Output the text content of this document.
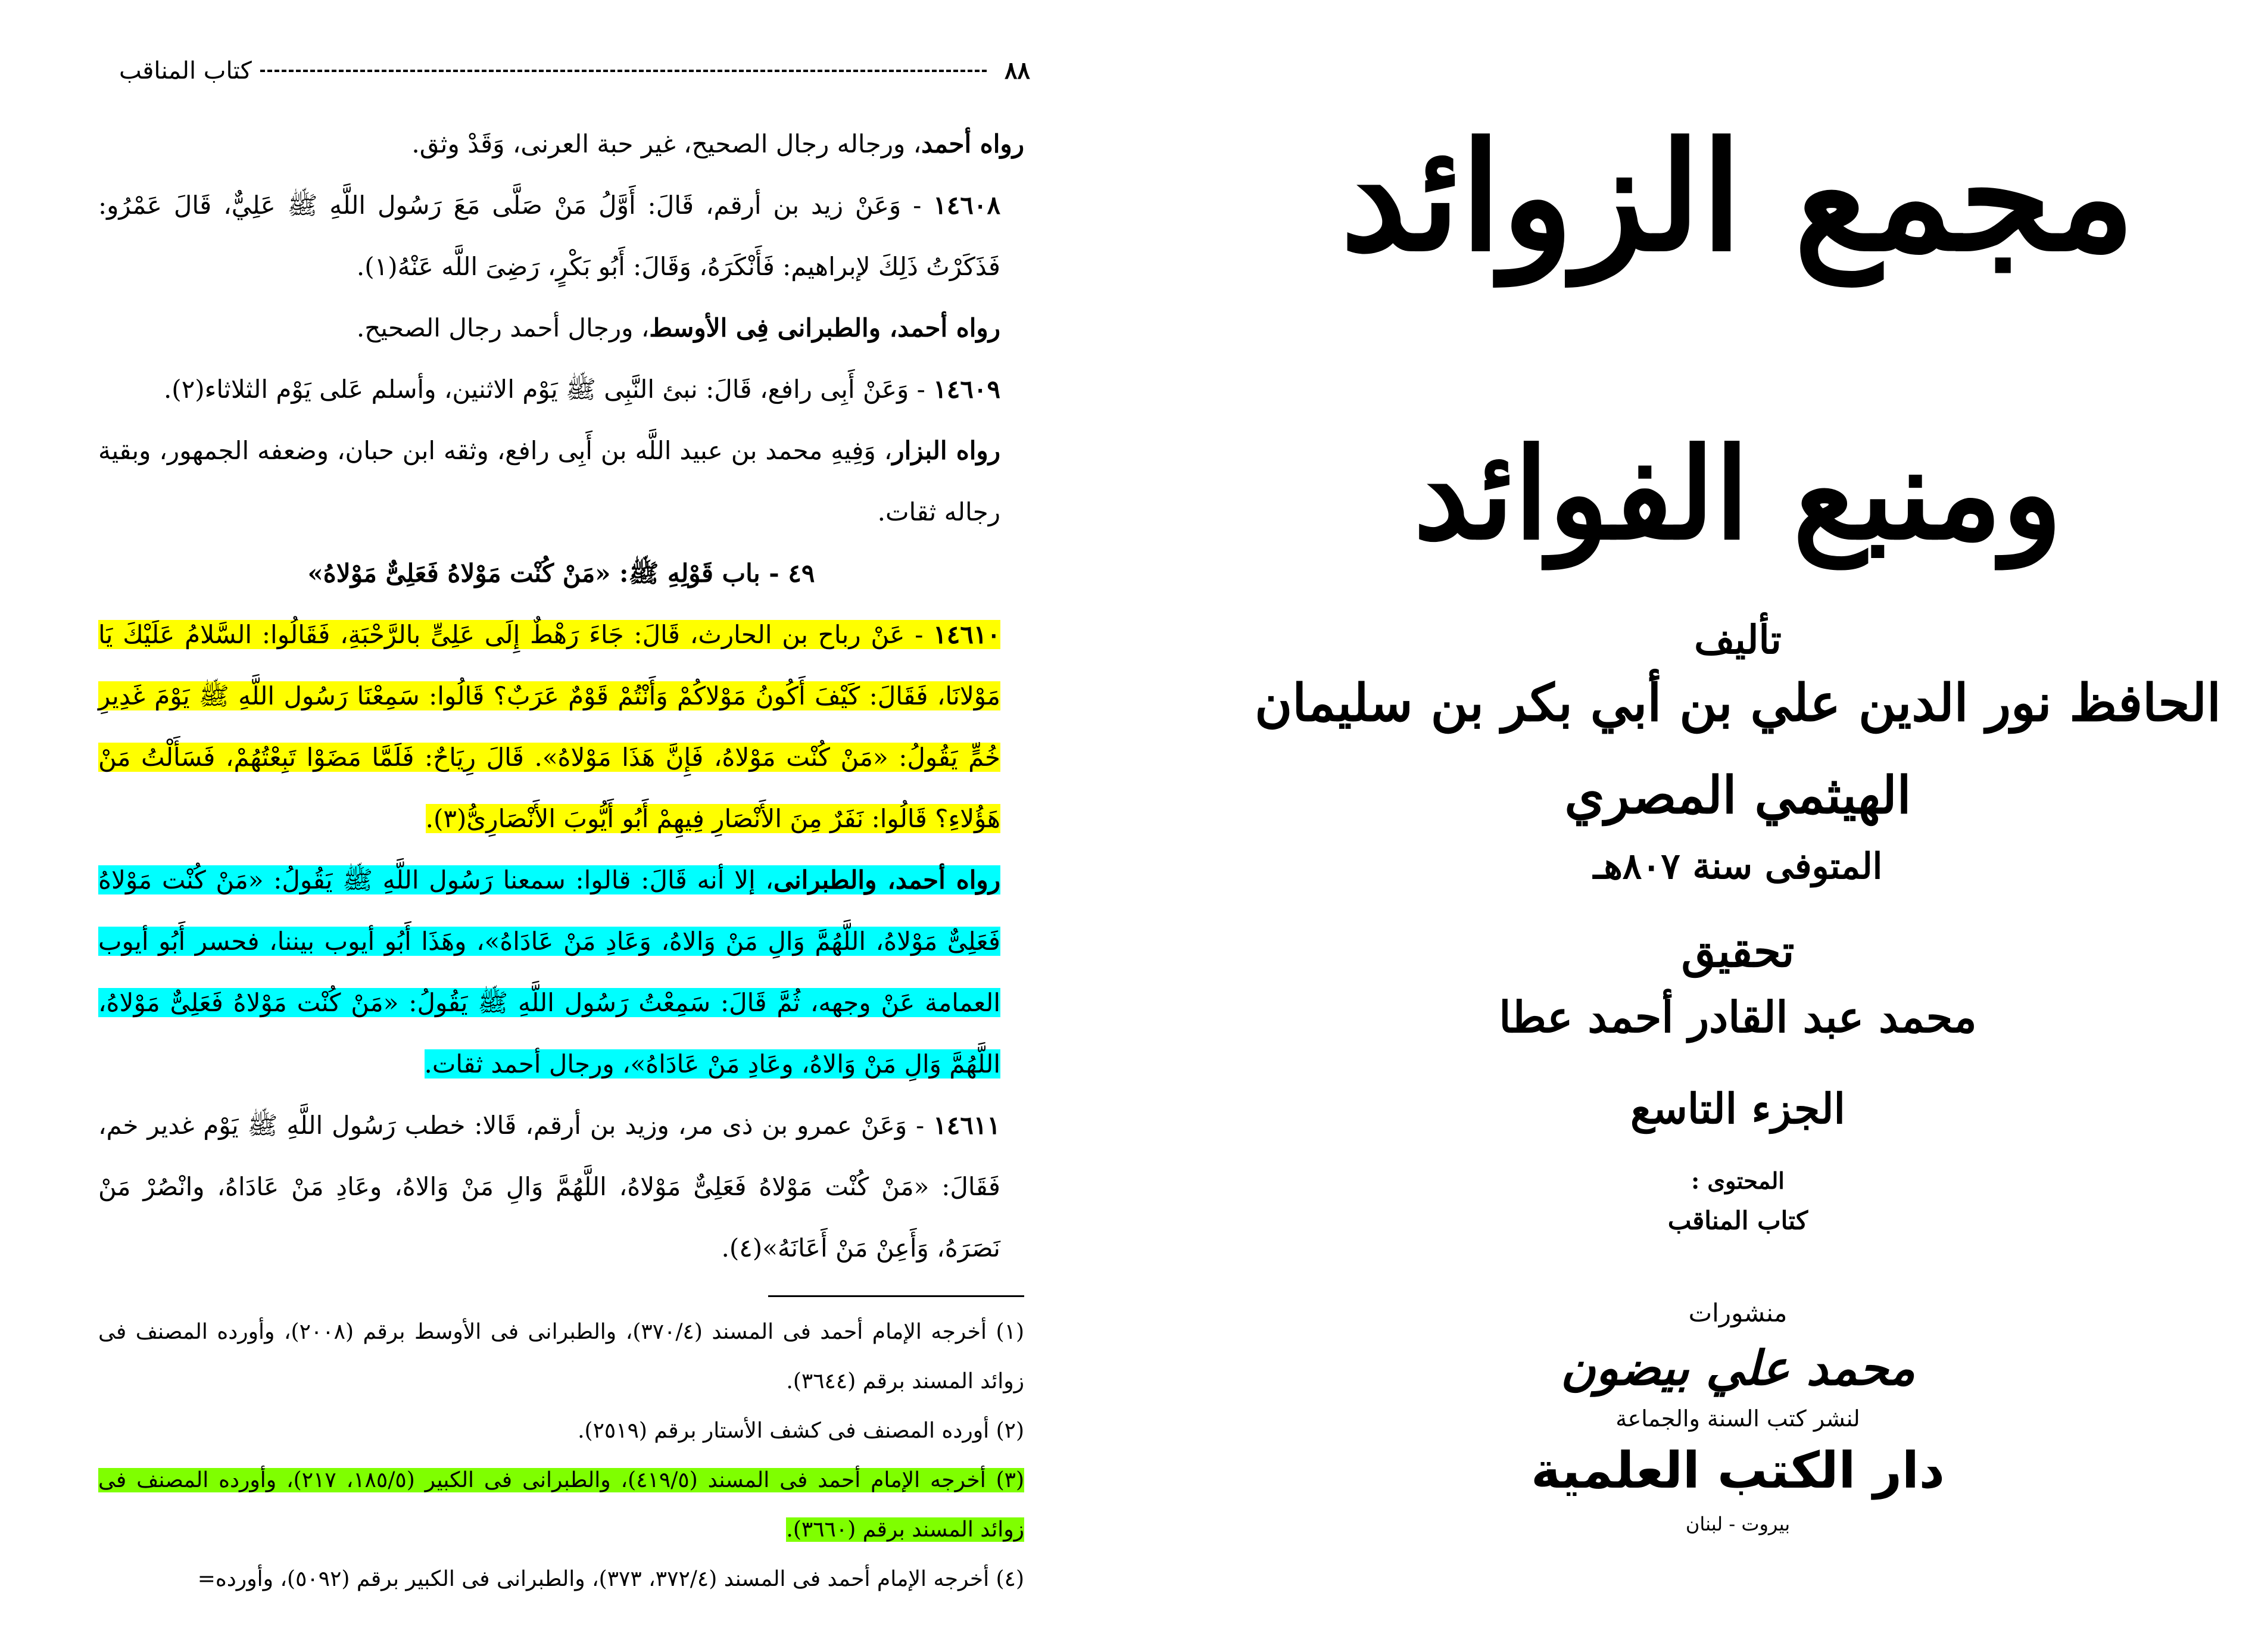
٨٨
كتاب المناقب

رواه أحمد، ورجاله رجال الصحيح، غير حبة العرنى، وَقَدْ وثق.

١٤٦٠٨ - وَعَنْ زيد بن أرقم، قَالَ: أَوَّلُ مَنْ صَلَّى مَعَ رَسُول اللَّهِ ﷺ عَلِيٌّ، قَالَ عَمْرُو: فَذَكَرْتُ ذَلِكَ لإبراهيم: فَأَنْكَرَهُ، وَقَالَ: أَبُو بَكْرٍ، رَضِىَ اللَّه عَنْهُ(١).

رواه أحمد، والطبرانى فِى الأوسط، ورجال أحمد رجال الصحيح.

١٤٦٠٩ - وَعَنْ أَبِى رافع، قَالَ: نبئ النَّبِى ﷺ يَوْم الاثنين، وأسلم عَلى يَوْم الثلاثاء(٢).

رواه البزار، وَفِيهِ محمد بن عبيد اللَّه بن أَبِى رافع، وثقه ابن حبان، وضعفه الجمهور، وبقية رجاله ثقات.

٤٩ - باب قَوْلِهِ ﷺ: «مَنْ كُنْت مَوْلاهُ فَعَلِىٌّ مَوْلاهُ»

١٤٦١٠ - عَنْ رباح بن الحارث، قَالَ: جَاءَ رَهْطٌ إِلَى عَلِىٍّ بالرَّحْبَةِ، فَقَالُوا: السَّلامُ عَلَيْكَ يَا مَوْلانَا، فَقَالَ: كَيْفَ أَكُونُ مَوْلاكُمْ وَأَنْتُمْ قَوْمٌ عَرَبٌ؟ قَالُوا: سَمِعْنَا رَسُول اللَّهِ ﷺ يَوْمَ غَدِيرِ خُمٍّ يَقُولُ: «مَنْ كُنْت مَوْلاهُ، فَإِنَّ هَذَا مَوْلاهُ». قَالَ رِيَاحٌ: فَلَمَّا مَضَوْا تَبِعْتُهُمْ، فَسَأَلْتُ مَنْ هَؤُلاءِ؟ قَالُوا: نَفَرٌ مِنَ الأَنْصَارِ فِيهِمْ أَبُو أَيُّوبَ الأَنْصَارِىُّ(٣).

رواه أحمد، والطبرانى، إلا أنه قَالَ: قالوا: سمعنا رَسُول اللَّهِ ﷺ يَقُولُ: «مَنْ كُنْت مَوْلاهُ فَعَلِىٌّ مَوْلاهُ، اللَّهُمَّ وَالِ مَنْ وَالاهُ، وَعَادِ مَنْ عَادَاهُ»، وهَذَا أَبُو أيوب بيننا، فحسر أَبُو أيوب العمامة عَنْ وجهه، ثُمَّ قَالَ: سَمِعْتُ رَسُول اللَّهِ ﷺ يَقُولُ: «مَنْ كُنْت مَوْلاهُ فَعَلِىٌّ مَوْلاهُ، اللَّهُمَّ وَالِ مَنْ وَالاهُ، وعَادِ مَنْ عَادَاهُ»، ورجال أحمد ثقات.

١٤٦١١ - وَعَنْ عمرو بن ذى مر، وزيد بن أرقم، قَالا: خطب رَسُول اللَّهِ ﷺ يَوْم غدير خم، فَقَالَ: «مَنْ كُنْت مَوْلاهُ فَعَلِىٌّ مَوْلاهُ، اللَّهُمَّ وَالِ مَنْ وَالاهُ، وعَادِ مَنْ عَادَاهُ، وانْصُرْ مَنْ نَصَرَهُ، وَأَعِنْ مَنْ أَعَانَهُ»(٤).

(١) أخرجه الإمام أحمد فى المسند (٣٧٠/٤)، والطبرانى فى الأوسط برقم (٢٠٠٨)، وأورده المصنف فى زوائد المسند برقم (٣٦٤٤).

(٢) أورده المصنف فى كشف الأستار برقم (٢٥١٩).

(٣) أخرجه الإمام أحمد فى المسند (٤١٩/٥)، والطبرانى فى الكبير (١٨٥/٥، ٢١٧)، وأورده المصنف فى زوائد المسند برقم (٣٦٦٠).

(٤) أخرجه الإمام أحمد فى المسند (٣٧٢/٤، ٣٧٣)، والطبرانى فى الكبير برقم (٥٠٩٢)، وأورده=

مجمع الزوائد
ومنبع الفوائد
تأليف
الحافظ نور الدين علي بن أبي بكر بن سليمان
الهيثمي المصري
المتوفى سنة ٨٠٧هـ
تحقيق
محمد عبد القادر أحمد عطا
الجزء التاسع
المحتوى :
كتاب المناقب
منشورات
محمد علي بيضون
لنشر كتب السنة والجماعة
دار الكتب العلمية
بيروت - لبنان
